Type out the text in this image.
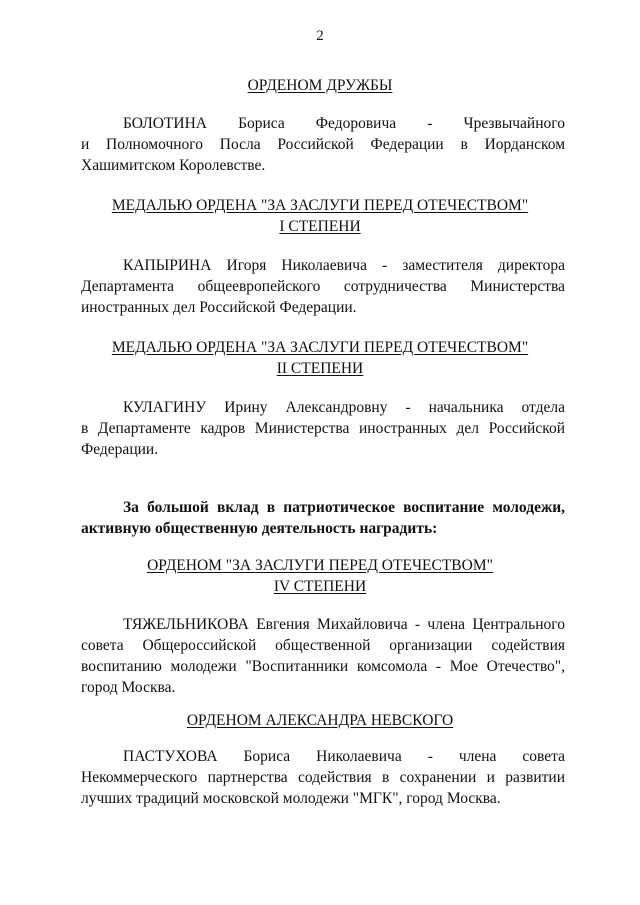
2
ОРДЕНОМ ДРУЖБЫ
БОЛОТИНА Бориса Федоровича - Чрезвычайного
и Полномочного Посла Российской Федерации в Иорданском
Хашимитском Королевстве.
МЕДАЛЬЮ ОРДЕНА "ЗА ЗАСЛУГИ ПЕРЕД ОТЕЧЕСТВОМ"
I СТЕПЕНИ
КАПЫРИНА Игоря Николаевича - заместителя директора
Департамента общеевропейского сотрудничества Министерства
иностранных дел Российской Федерации.
МЕДАЛЬЮ ОРДЕНА "ЗА ЗАСЛУГИ ПЕРЕД ОТЕЧЕСТВОМ"
II СТЕПЕНИ
КУЛАГИНУ Ирину Александровну - начальника отдела
в Департаменте кадров Министерства иностранных дел Российской
Федерации.
За большой вклад в патриотическое воспитание молодежи,
активную общественную деятельность наградить:
ОРДЕНОМ "ЗА ЗАСЛУГИ ПЕРЕД ОТЕЧЕСТВОМ"
IV СТЕПЕНИ
ТЯЖЕЛЬНИКОВА Евгения Михайловича - члена Центрального
совета Общероссийской общественной организации содействия
воспитанию молодежи "Воспитанники комсомола - Мое Отечество",
город Москва.
ОРДЕНОМ АЛЕКСАНДРА НЕВСКОГО
ПАСТУХОВА Бориса Николаевича - члена совета
Некоммерческого партнерства содействия в сохранении и развитии
лучших традиций московской молодежи "МГК", город Москва.
